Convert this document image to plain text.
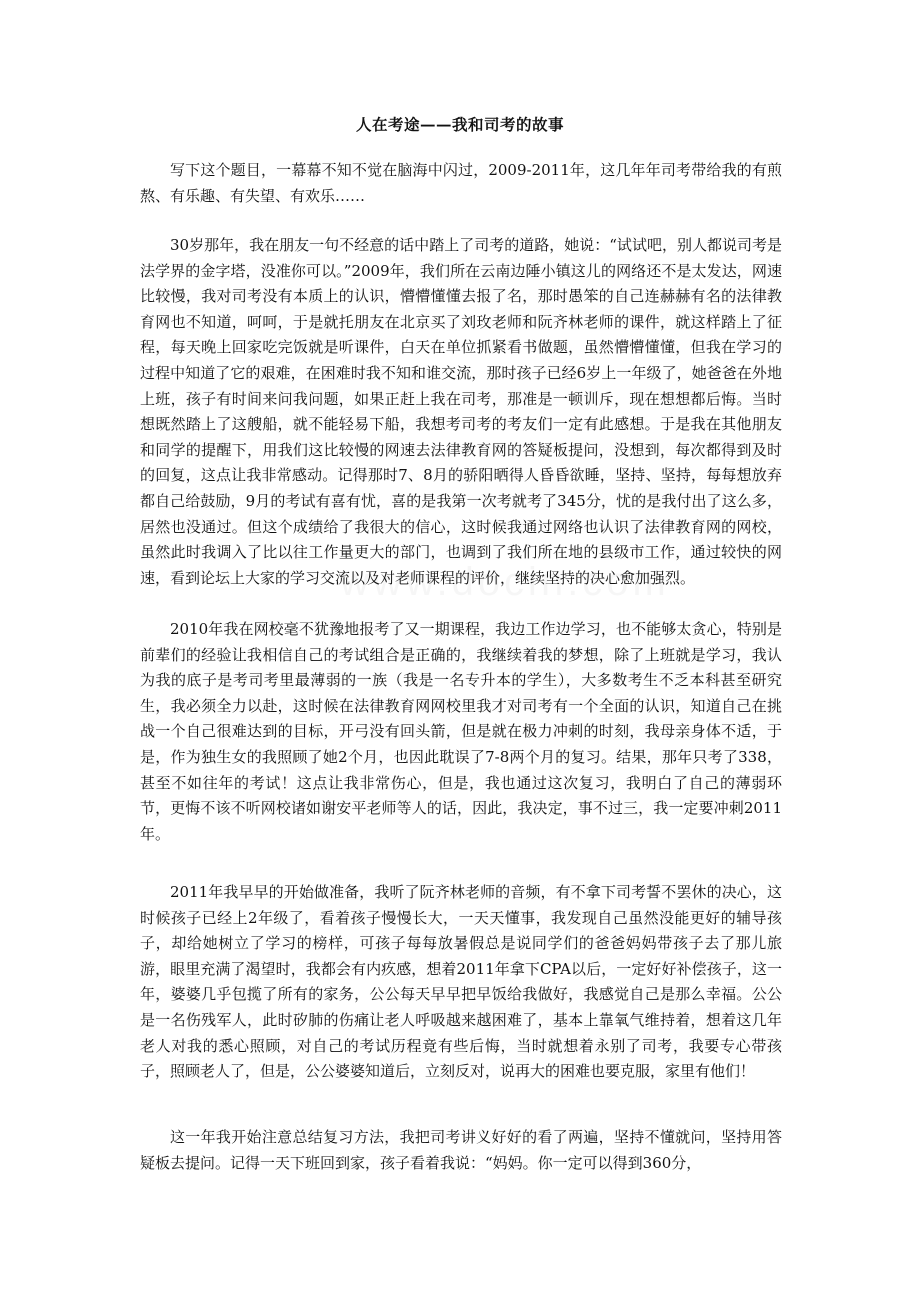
人在考途——我和司考的故事

写下这个题目，一幕幕不知不觉在脑海中闪过，2009-2011年，这几年年司考带给我的有煎熬、有乐趣、有失望、有欢乐……

30岁那年，我在朋友一句不经意的话中踏上了司考的道路，她说：“试试吧，别人都说司考是法学界的金字塔，没准你可以。”2009年，我们所在云南边陲小镇这儿的网络还不是太发达，网速比较慢，我对司考没有本质上的认识，懵懵懂懂去报了名，那时愚笨的自己连赫赫有名的法律教育网也不知道，呵呵，于是就托朋友在北京买了刘玫老师和阮齐林老师的课件，就这样踏上了征程，每天晚上回家吃完饭就是听课件，白天在单位抓紧看书做题，虽然懵懵懂懂，但我在学习的过程中知道了它的艰难，在困难时我不知和谁交流，那时孩子已经6岁上一年级了，她爸爸在外地上班，孩子有时间来问我问题，如果正赶上我在司考，那准是一顿训斥，现在想想都后悔。当时想既然踏上了这艘船，就不能轻易下船，我想考司考的考友们一定有此感想。于是我在其他朋友和同学的提醒下，用我们这比较慢的网速去法律教育网的答疑板提问，没想到，每次都得到及时的回复，这点让我非常感动。记得那时7、8月的骄阳晒得人昏昏欲睡，坚持、坚持，每每想放弃都自己给鼓励，9月的考试有喜有忧，喜的是我第一次考就考了345分，忧的是我付出了这么多，居然也没通过。但这个成绩给了我很大的信心，这时候我通过网络也认识了法律教育网的网校，虽然此时我调入了比以往工作量更大的部门，也调到了我们所在地的县级市工作，通过较快的网速，看到论坛上大家的学习交流以及对老师课程的评价，继续坚持的决心愈加强烈。

2010年我在网校毫不犹豫地报考了又一期课程，我边工作边学习，也不能够太贪心，特别是前辈们的经验让我相信自己的考试组合是正确的，我继续着我的梦想，除了上班就是学习，我认为我的底子是考司考里最薄弱的一族（我是一名专升本的学生），大多数考生不乏本科甚至研究生，我必须全力以赴，这时候在法律教育网网校里我才对司考有一个全面的认识，知道自己在挑战一个自己很难达到的目标，开弓没有回头箭，但是就在极力冲刺的时刻，我母亲身体不适，于是，作为独生女的我照顾了她2个月，也因此耽误了7-8两个月的复习。结果，那年只考了338，甚至不如往年的考试！这点让我非常伤心，但是，我也通过这次复习，我明白了自己的薄弱环节，更悔不该不听网校诸如谢安平老师等人的话，因此，我决定，事不过三，我一定要冲刺2011年。

2011年我早早的开始做准备，我听了阮齐林老师的音频，有不拿下司考誓不罢休的决心，这时候孩子已经上2年级了，看着孩子慢慢长大，一天天懂事，我发现自己虽然没能更好的辅导孩子，却给她树立了学习的榜样，可孩子每每放暑假总是说同学们的爸爸妈妈带孩子去了那儿旅游，眼里充满了渴望时，我都会有内疚感，想着2011年拿下CPA以后，一定好好补偿孩子，这一年，婆婆几乎包揽了所有的家务，公公每天早早把早饭给我做好，我感觉自己是那么幸福。公公是一名伤残军人，此时矽肺的伤痛让老人呼吸越来越困难了，基本上靠氧气维持着，想着这几年老人对我的悉心照顾，对自己的考试历程竟有些后悔，当时就想着永别了司考，我要专心带孩子，照顾老人了，但是，公公婆婆知道后，立刻反对，说再大的困难也要克服，家里有他们！

这一年我开始注意总结复习方法，我把司考讲义好好的看了两遍，坚持不懂就问，坚持用答疑板去提问。记得一天下班回到家，孩子看着我说：“妈妈。你一定可以得到360分，
